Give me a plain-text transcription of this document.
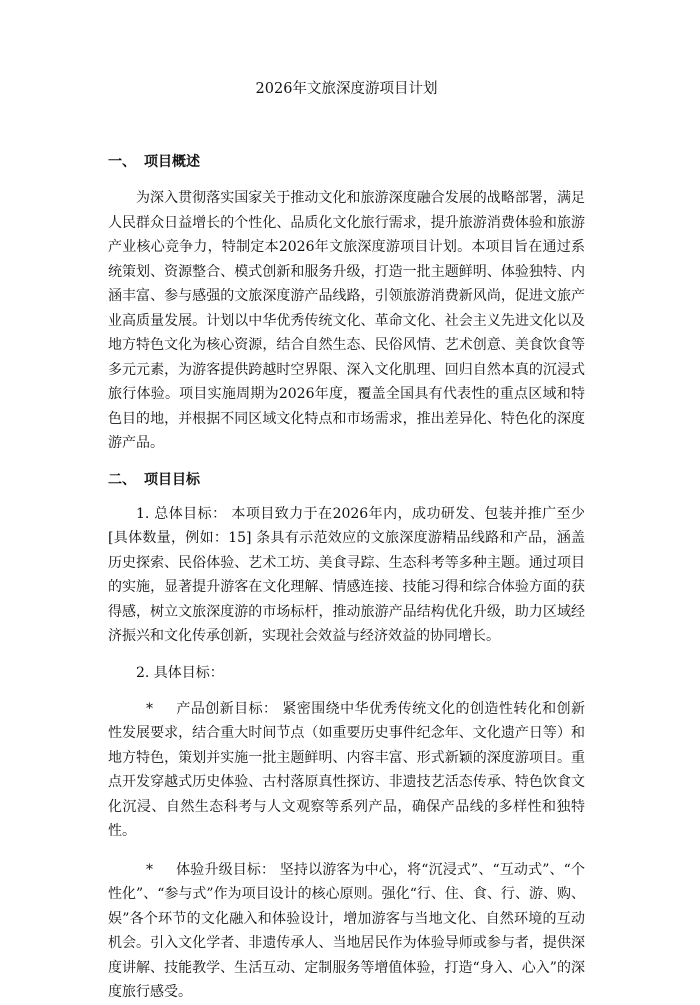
2026年文旅深度游项目计划
一、 项目概述

为深入贯彻落实国家关于推动文化和旅游深度融合发展的战略部署，满足人民群众日益增长的个性化、品质化文化旅行需求，提升旅游消费体验和旅游产业核心竞争力，特制定本2026年文旅深度游项目计划。本项目旨在通过系统策划、资源整合、模式创新和服务升级，打造一批主题鲜明、体验独特、内涵丰富、参与感强的文旅深度游产品线路，引领旅游消费新风尚，促进文旅产业高质量发展。计划以中华优秀传统文化、革命文化、社会主义先进文化以及地方特色文化为核心资源，结合自然生态、民俗风情、艺术创意、美食饮食等多元元素，为游客提供跨越时空界限、深入文化肌理、回归自然本真的沉浸式旅行体验。项目实施周期为2026年度，覆盖全国具有代表性的重点区域和特色目的地，并根据不同区域文化特点和市场需求，推出差异化、特色化的深度游产品。

二、 项目目标

1. 总体目标： 本项目致力于在2026年内，成功研发、包装并推广至少 [具体数量，例如：15] 条具有示范效应的文旅深度游精品线路和产品，涵盖历史探索、民俗体验、艺术工坊、美食寻踪、生态科考等多种主题。通过项目的实施，显著提升游客在文化理解、情感连接、技能习得和综合体验方面的获得感，树立文旅深度游的市场标杆，推动旅游产品结构优化升级，助力区域经济振兴和文化传承创新，实现社会效益与经济效益的协同增长。

2. 具体目标：

* 产品创新目标： 紧密围绕中华优秀传统文化的创造性转化和创新性发展要求，结合重大时间节点（如重要历史事件纪念年、文化遗产日等）和地方特色，策划并实施一批主题鲜明、内容丰富、形式新颖的深度游项目。重点开发穿越式历史体验、古村落原真性探访、非遗技艺活态传承、特色饮食文化沉浸、自然生态科考与人文观察等系列产品，确保产品线的多样性和独特性。

* 体验升级目标： 坚持以游客为中心，将“沉浸式”、“互动式”、“个性化”、“参与式”作为项目设计的核心原则。强化“行、住、食、行、游、购、娱”各个环节的文化融入和体验设计，增加游客与当地文化、自然环境的互动机会。引入文化学者、非遗传承人、当地居民作为体验导师或参与者，提供深度讲解、技能教学、生活互动、定制服务等增值体验，打造“身入、心入”的深度旅行感受。
